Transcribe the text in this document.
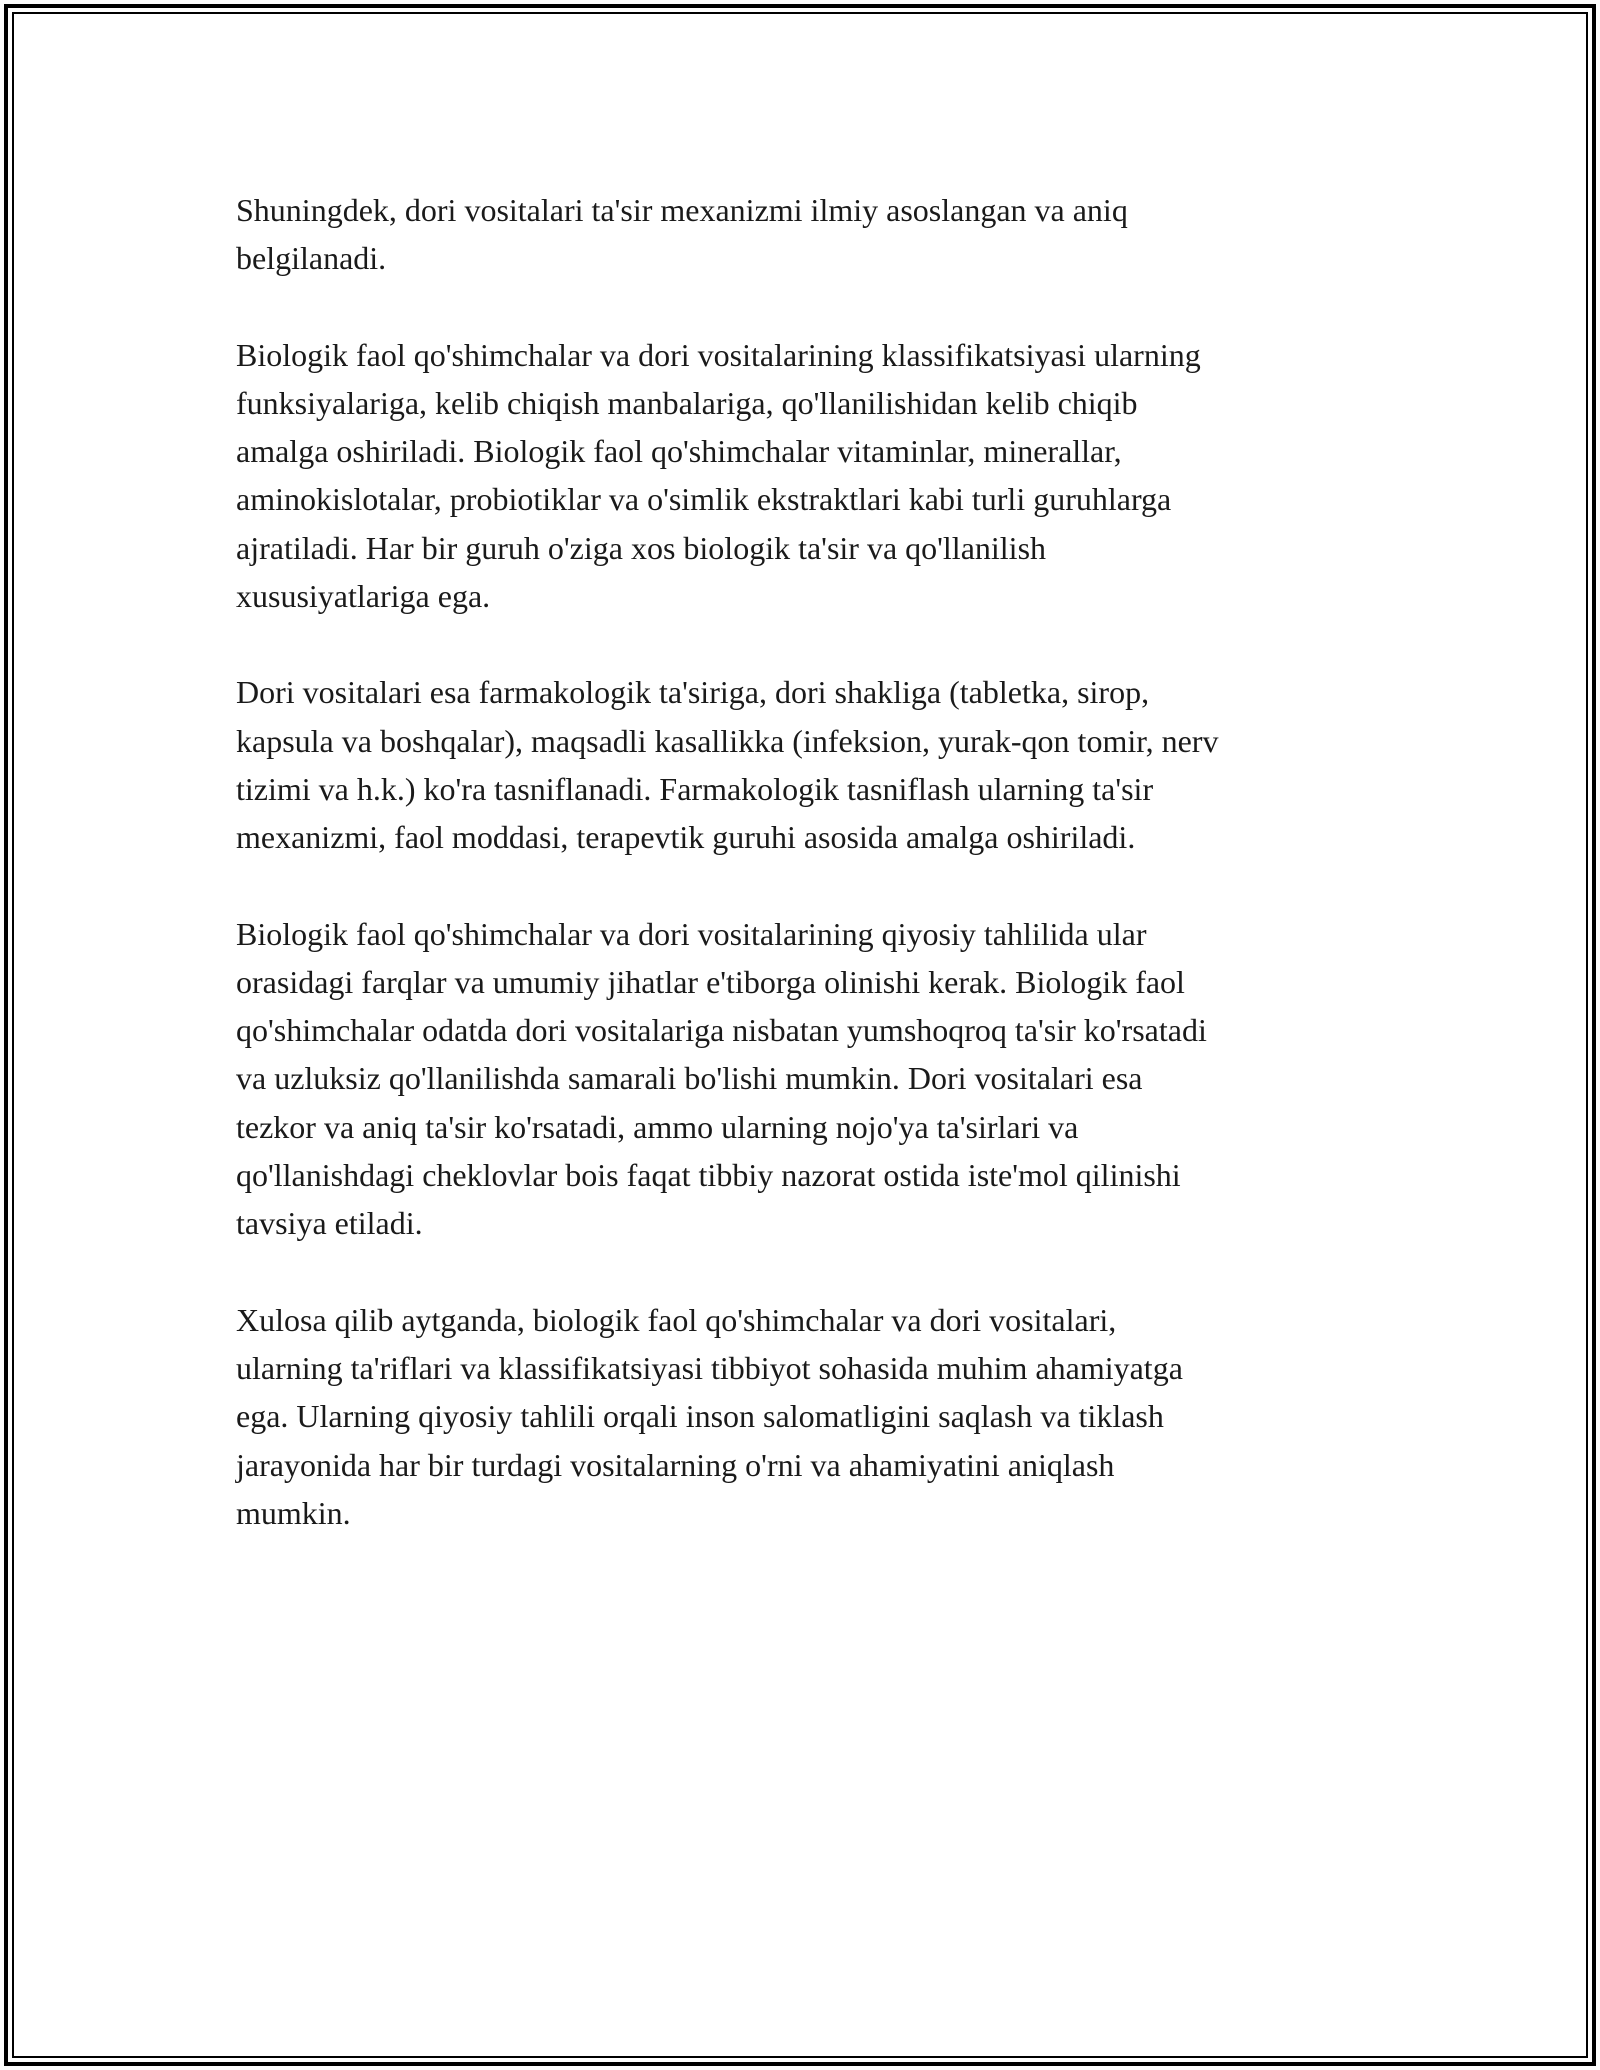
Shuningdek, dori vositalari ta'sir mexanizmi ilmiy asoslangan va aniq
belgilanadi.

Biologik faol qo'shimchalar va dori vositalarining klassifikatsiyasi ularning
funksiyalariga, kelib chiqish manbalariga, qo'llanilishidan kelib chiqib
amalga oshiriladi. Biologik faol qo'shimchalar vitaminlar, minerallar,
aminokislotalar, probiotiklar va o'simlik ekstraktlari kabi turli guruhlarga
ajratiladi. Har bir guruh o'ziga xos biologik ta'sir va qo'llanilish
xususiyatlariga ega.

Dori vositalari esa farmakologik ta'siriga, dori shakliga (tabletka, sirop,
kapsula va boshqalar), maqsadli kasallikka (infeksion, yurak-qon tomir, nerv
tizimi va h.k.) ko'ra tasniflanadi. Farmakologik tasniflash ularning ta'sir
mexanizmi, faol moddasi, terapevtik guruhi asosida amalga oshiriladi.

Biologik faol qo'shimchalar va dori vositalarining qiyosiy tahlilida ular
orasidagi farqlar va umumiy jihatlar e'tiborga olinishi kerak. Biologik faol
qo'shimchalar odatda dori vositalariga nisbatan yumshoqroq ta'sir ko'rsatadi
va uzluksiz qo'llanilishda samarali bo'lishi mumkin. Dori vositalari esa
tezkor va aniq ta'sir ko'rsatadi, ammo ularning nojo'ya ta'sirlari va
qo'llanishdagi cheklovlar bois faqat tibbiy nazorat ostida iste'mol qilinishi
tavsiya etiladi.

Xulosa qilib aytganda, biologik faol qo'shimchalar va dori vositalari,
ularning ta'riflari va klassifikatsiyasi tibbiyot sohasida muhim ahamiyatga
ega. Ularning qiyosiy tahlili orqali inson salomatligini saqlash va tiklash
jarayonida har bir turdagi vositalarning o'rni va ahamiyatini aniqlash
mumkin.
